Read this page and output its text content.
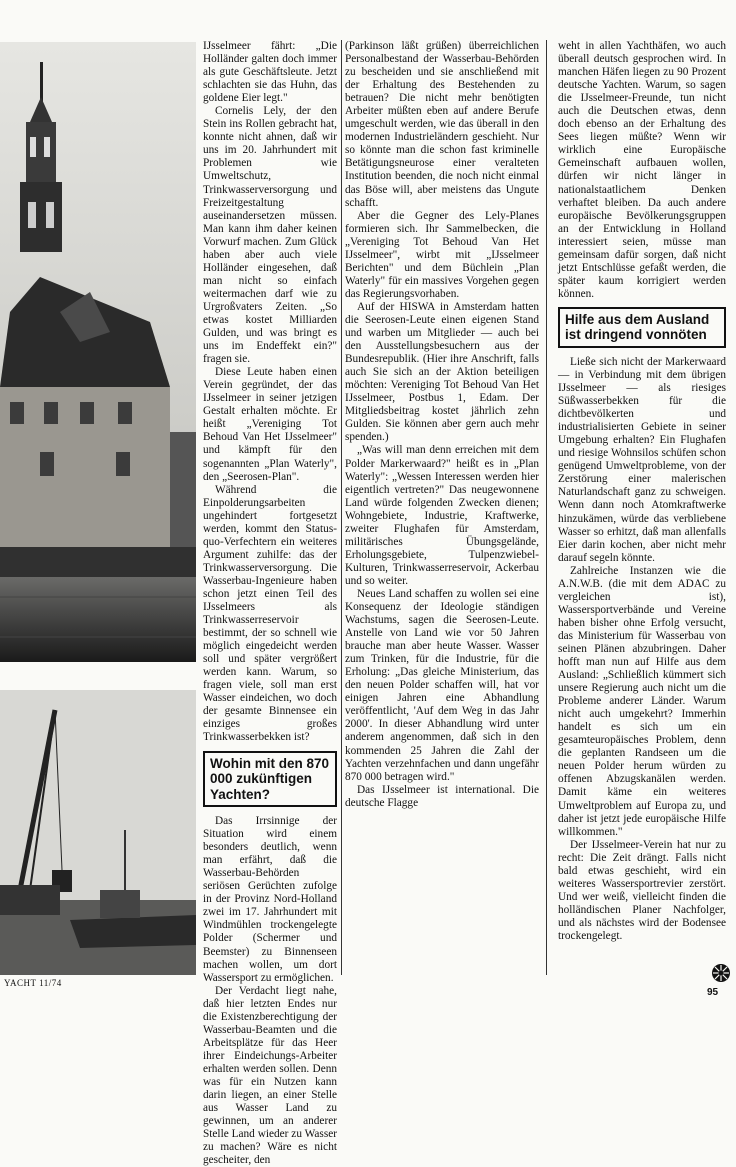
IJsselmeer fährt: „Die Holländer galten doch immer als gute Geschäftsleute. Jetzt schlachten sie das Huhn, das goldene Eier legt."

Cornelis Lely, der den Stein ins Rollen gebracht hat, konnte nicht ahnen, daß wir uns im 20. Jahrhundert mit Problemen wie Umweltschutz, Trinkwasserversorgung und Freizeitgestaltung auseinandersetzen müssen. Man kann ihm daher keinen Vorwurf machen. Zum Glück haben aber auch viele Holländer eingesehen, daß man nicht so einfach weitermachen darf wie zu Urgroßvaters Zeiten. „So etwas kostet Milliarden Gulden, und was bringt es uns im Endeffekt ein?" fragen sie.

Diese Leute haben einen Verein gegründet, der das IJsselmeer in seiner jetzigen Gestalt erhalten möchte. Er heißt „Vereniging Tot Behoud Van Het IJsselmeer" und kämpft für den sogenannten „Plan Waterly", den „Seerosen-Plan".

Während die Einpolderungsarbeiten ungehindert fortgesetzt werden, kommt den Status-quo-Verfechtern ein weiteres Argument zuhilfe: das der Trinkwasserversorgung. Die Wasserbau-Ingenieure haben schon jetzt einen Teil des IJsselmeers als Trinkwasserreservoir bestimmt, der so schnell wie möglich eingedeicht werden soll und später vergrößert werden kann. Warum, so fragen viele, soll man erst Wasser eindeichen, wo doch der gesamte Binnensee ein einziges großes Trinkwasserbekken ist?

Wohin mit den 870 000 zukünftigen Yachten?

Das Irrsinnige der Situation wird einem besonders deutlich, wenn man erfährt, daß die Wasserbau-Behörden seriösen Gerüchten zufolge in der Provinz Nord-Holland zwei im 17. Jahrhundert mit Windmühlen trockengelegte Polder (Schermer und Beemster) zu Binnenseen machen wollen, um dort Wassersport zu ermöglichen.

Der Verdacht liegt nahe, daß hier letzten Endes nur die Existenzberechtigung der Wasserbau-Beamten und die Arbeitsplätze für das Heer ihrer Eindeichungs-Arbeiter erhalten werden sollen. Denn was für ein Nutzen kann darin liegen, an einer Stelle aus Wasser Land zu gewinnen, um an anderer Stelle Land wieder zu Wasser zu machen? Wäre es nicht gescheiter, den

(Parkinson läßt grüßen) überreichlichen Personalbestand der Wasserbau-Behörden zu bescheiden und sie anschließend mit der Erhaltung des Bestehenden zu betrauen? Die nicht mehr benötigten Arbeiter müßten eben auf andere Berufe umgeschult werden, wie das überall in den modernen Industrieländern geschieht. Nur so könnte man die schon fast kriminelle Betätigungsneurose einer veralteten Institution beenden, die noch nicht einmal das Böse will, aber meistens das Ungute schafft.

Aber die Gegner des Lely-Planes formieren sich. Ihr Sammelbecken, die „Vereniging Tot Behoud Van Het IJsselmeer", wirbt mit „IJsselmeer Berichten" und dem Büchlein „Plan Waterly" für ein massives Vorgehen gegen das Regierungsvorhaben.

Auf der HISWA in Amsterdam hatten die Seerosen-Leute einen eigenen Stand und warben um Mitglieder — auch bei den Ausstellungsbesuchern aus der Bundesrepublik. (Hier ihre Anschrift, falls auch Sie sich an der Aktion beteiligen möchten: Vereniging Tot Behoud Van Het IJsselmeer, Postbus 1, Edam. Der Mitgliedsbeitrag kostet jährlich zehn Gulden. Sie können aber gern auch mehr spenden.)

„Was will man denn erreichen mit dem Polder Markerwaard?" heißt es in „Plan Waterly": „Wessen Interessen werden hier eigentlich vertreten?" Das neugewonnene Land würde folgenden Zwecken dienen; Wohngebiete, Industrie, Kraftwerke, zweiter Flughafen für Amsterdam, militärisches Übungsgelände, Erholungsgebiete, Tulpenzwiebel-Kulturen, Trinkwasserreservoir, Ackerbau und so weiter.

Neues Land schaffen zu wollen sei eine Konsequenz der Ideologie ständigen Wachstums, sagen die Seerosen-Leute. Anstelle von Land wie vor 50 Jahren brauche man aber heute Wasser. Wasser zum Trinken, für die Industrie, für die Erholung: „Das gleiche Ministerium, das den neuen Polder schaffen will, hat vor einigen Jahren eine Abhandlung veröffentlicht, 'Auf dem Weg in das Jahr 2000'. In dieser Abhandlung wird unter anderem angenommen, daß sich in den kommenden 25 Jahren die Zahl der Yachten verzehnfachen und dann ungefähr 870 000 betragen wird."

Das IJsselmeer ist international. Die deutsche Flagge

weht in allen Yachthäfen, wo auch überall deutsch gesprochen wird. In manchen Häfen liegen zu 90 Prozent deutsche Yachten. Warum, so sagen die IJsselmeer-Freunde, tun nicht auch die Deutschen etwas, denn doch ebenso an der Erhaltung des Sees liegen müßte? Wenn wir wirklich eine Europäische Gemeinschaft aufbauen wollen, dürfen wir nicht länger in nationalstaatlichem Denken verhaftet bleiben. Da auch andere europäische Bevölkerungsgruppen an der Entwicklung in Holland interessiert seien, müsse man gemeinsam dafür sorgen, daß nicht jetzt Entschlüsse gefaßt werden, die später kaum korrigiert werden können.

Hilfe aus dem Ausland ist dringend vonnöten

Ließe sich nicht der Markerwaard — in Verbindung mit dem übrigen IJsselmeer — als riesiges Süßwasserbekken für die dichtbevölkerten und industrialisierten Gebiete in seiner Umgebung erhalten? Ein Flughafen und riesige Wohnsilos schüfen schon genügend Umweltprobleme, von der Zerstörung einer malerischen Naturlandschaft ganz zu schweigen. Wenn dann noch Atomkraftwerke hinzukämen, würde das verbliebene Wasser so erhitzt, daß man allenfalls Eier darin kochen, aber nicht mehr darauf segeln könnte.

Zahlreiche Instanzen wie die A.N.W.B. (die mit dem ADAC zu vergleichen ist), Wassersportverbände und Vereine haben bisher ohne Erfolg versucht, das Ministerium für Wasserbau von seinen Plänen abzubringen. Daher hofft man nun auf Hilfe aus dem Ausland: „Schließlich kümmert sich unsere Regierung auch nicht um die Probleme anderer Länder. Warum nicht auch umgekehrt? Immerhin handelt es sich um ein gesamteuropäisches Problem, denn die geplanten Randseen um die neuen Polder herum würden zu offenen Abzugskanälen werden. Damit käme ein weiteres Umweltproblem auf Europa zu, und daher ist jetzt jede europäische Hilfe willkommen."

Der IJsselmeer-Verein hat nur zu recht: Die Zeit drängt. Falls nicht bald etwas geschieht, wird ein weiteres Wassersportrevier zerstört. Und wer weiß, vielleicht finden die holländischen Planer Nachfolger, und als nächstes wird der Bodensee trockengelegt.

YACHT 11/74
95
